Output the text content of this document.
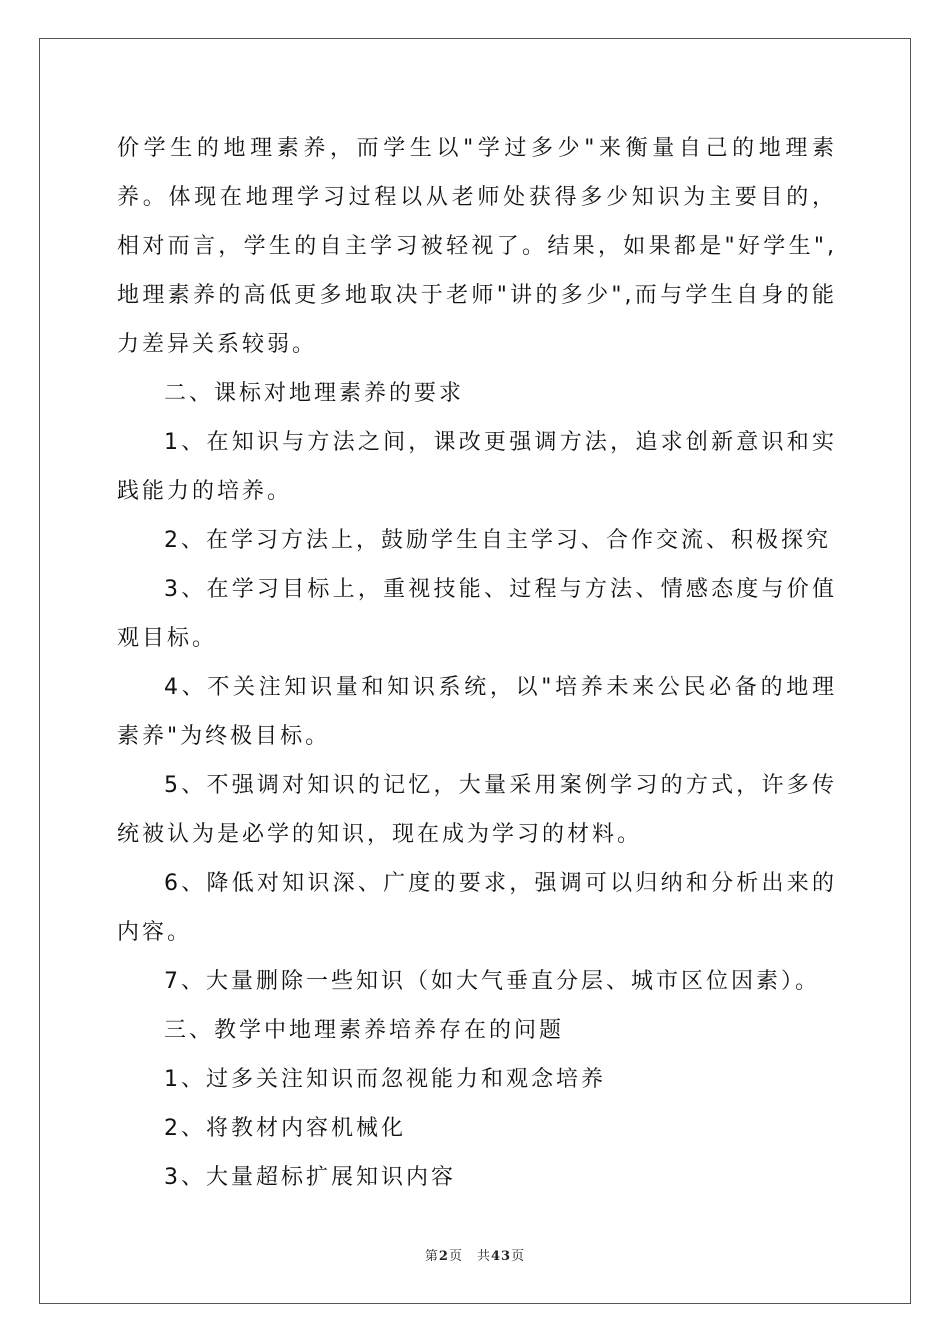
价学生的地理素养，而学生以"学过多少"来衡量自己的地理素养。体现在地理学习过程以从老师处获得多少知识为主要目的，相对而言，学生的自主学习被轻视了。结果，如果都是"好学生",地理素养的高低更多地取决于老师"讲的多少",而与学生自身的能力差异关系较弱。

二、课标对地理素养的要求

1、在知识与方法之间，课改更强调方法，追求创新意识和实践能力的培养。

2、在学习方法上，鼓励学生自主学习、合作交流、积极探究

3、在学习目标上，重视技能、过程与方法、情感态度与价值观目标。

4、不关注知识量和知识系统，以"培养未来公民必备的地理素养"为终极目标。

5、不强调对知识的记忆，大量采用案例学习的方式，许多传统被认为是必学的知识，现在成为学习的材料。

6、降低对知识深、广度的要求，强调可以归纳和分析出来的内容。

7、大量删除一些知识（如大气垂直分层、城市区位因素）。

三、教学中地理素养培养存在的问题

1、过多关注知识而忽视能力和观念培养

2、将教材内容机械化

3、大量超标扩展知识内容

第2页 共43页
